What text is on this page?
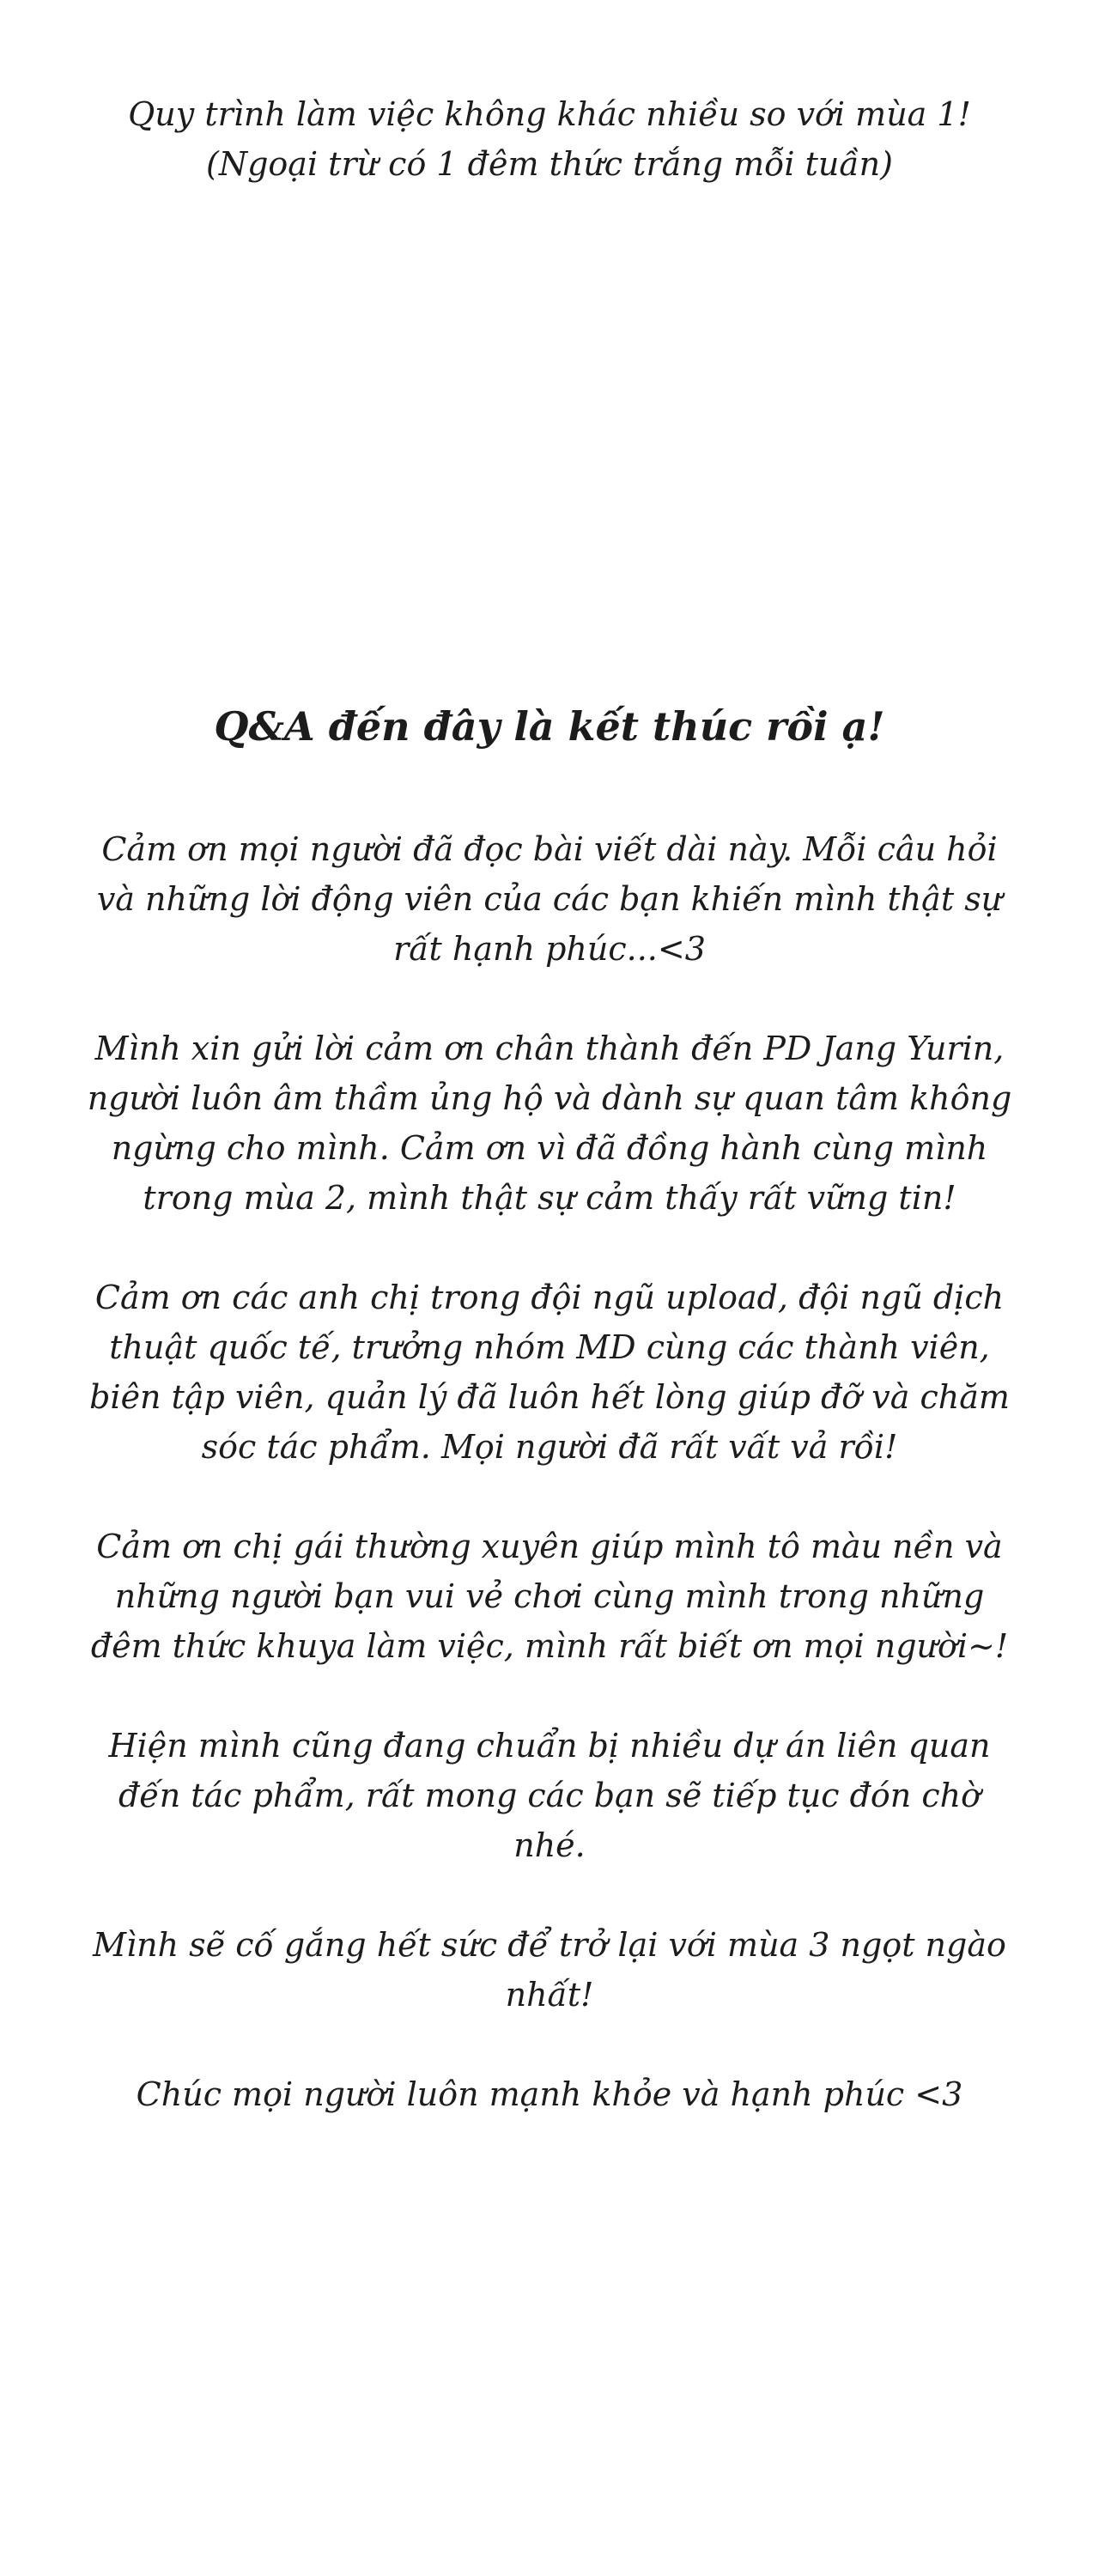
Quy trình làm việc không khác nhiều so với mùa 1!
(Ngoại trừ có 1 đêm thức trắng mỗi tuần)
Q&A đến đây là kết thúc rồi ạ!
Cảm ơn mọi người đã đọc bài viết dài này. Mỗi câu hỏi
và những lời động viên của các bạn khiến mình thật sự
rất hạnh phúc...<3
Mình xin gửi lời cảm ơn chân thành đến PD Jang Yurin,
người luôn âm thầm ủng hộ và dành sự quan tâm không
ngừng cho mình. Cảm ơn vì đã đồng hành cùng mình
trong mùa 2, mình thật sự cảm thấy rất vững tin!
Cảm ơn các anh chị trong đội ngũ upload, đội ngũ dịch
thuật quốc tế, trưởng nhóm MD cùng các thành viên,
biên tập viên, quản lý đã luôn hết lòng giúp đỡ và chăm
sóc tác phẩm. Mọi người đã rất vất vả rồi!
Cảm ơn chị gái thường xuyên giúp mình tô màu nền và
những người bạn vui vẻ chơi cùng mình trong những
đêm thức khuya làm việc, mình rất biết ơn mọi người~!
Hiện mình cũng đang chuẩn bị nhiều dự án liên quan
đến tác phẩm, rất mong các bạn sẽ tiếp tục đón chờ
nhé.
Mình sẽ cố gắng hết sức để trở lại với mùa 3 ngọt ngào
nhất!
Chúc mọi người luôn mạnh khỏe và hạnh phúc <3
